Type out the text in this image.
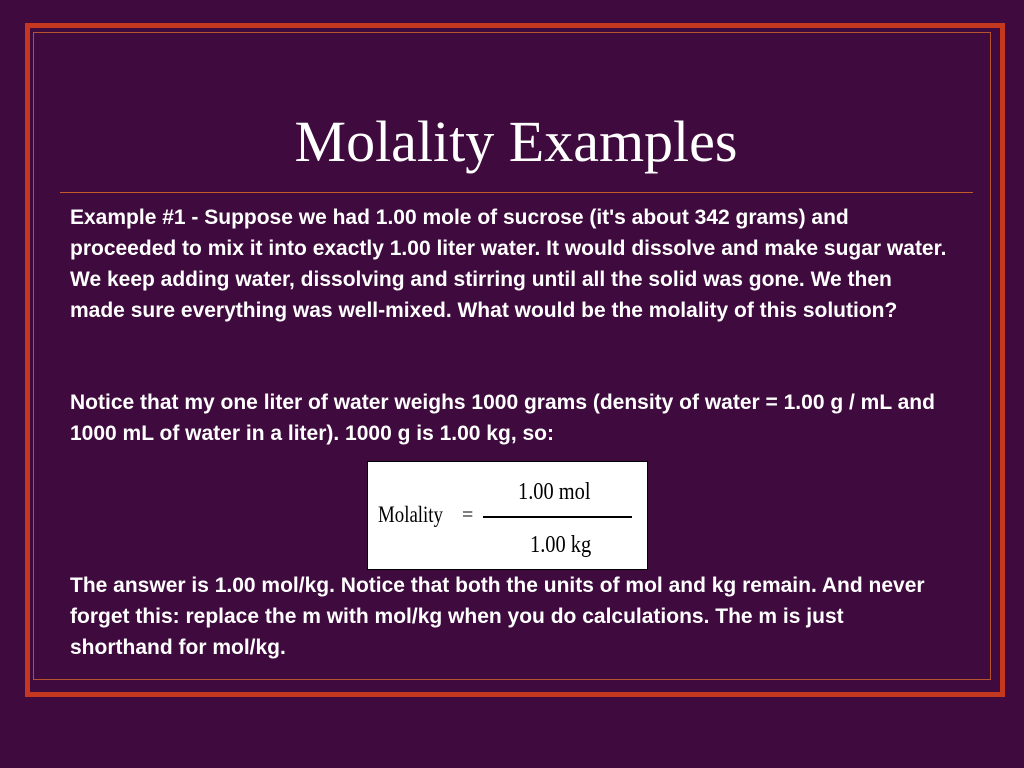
Molality Examples

Example #1 - Suppose we had 1.00 mole of sucrose (it's about 342 grams) and proceeded to mix it into exactly 1.00 liter water. It would dissolve and make sugar water. We keep adding water, dissolving and stirring until all the solid was gone. We then made sure everything was well-mixed. What would be the molality of this solution?

Notice that my one liter of water weighs 1000 grams (density of water = 1.00 g / mL and 1000 mL of water in a liter). 1000 g is 1.00 kg, so:

Molality =
1.00 mol
1.00 kg

The answer is 1.00 mol/kg. Notice that both the units of mol and kg remain. And never forget this: replace the m with mol/kg when you do calculations. The m is just shorthand for mol/kg.
